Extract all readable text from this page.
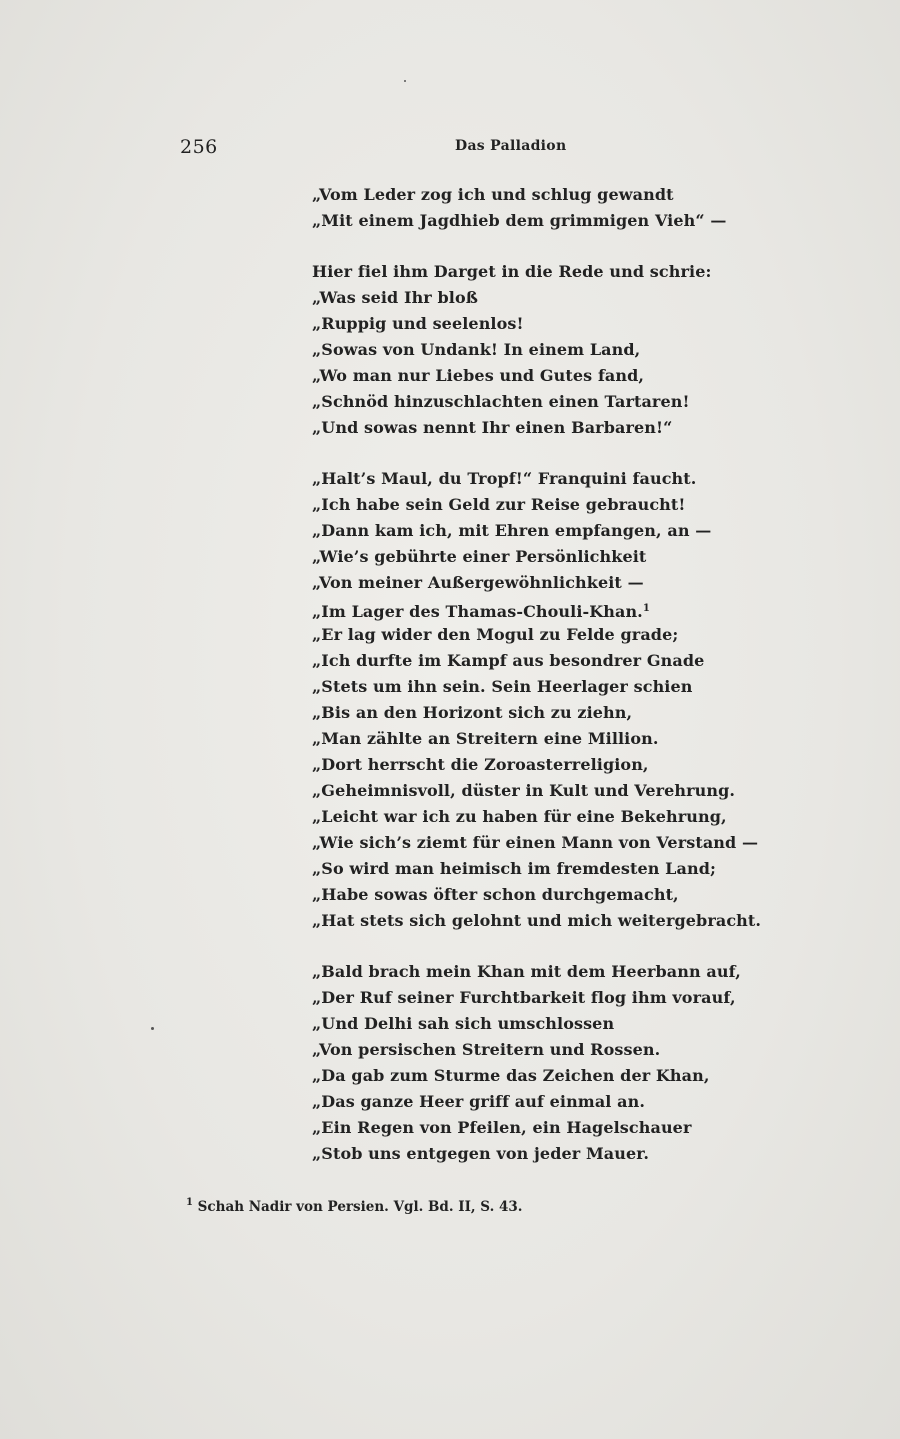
256	Das Palladion
„Vom Leder zog ich und schlug gewandt
„Mit einem Jagdhieb dem grimmigen Vieh“ —
Hier fiel ihm Darget in die Rede und schrie:
„Was seid Ihr bloß
„Ruppig und seelenlos!
„Sowas von Undank! In einem Land,
„Wo man nur Liebes und Gutes fand,
„Schnöd hinzuschlachten einen Tartaren!
„Und sowas nennt Ihr einen Barbaren!“
„Halt’s Maul, du Tropf!“ Franquini faucht.
„Ich habe sein Geld zur Reise gebraucht!
„Dann kam ich, mit Ehren empfangen, an —
„Wie’s gebührte einer Persönlichkeit
„Von meiner Außergewöhnlichkeit —
„Im Lager des Thamas-Chouli-Khan.$^1$
„Er lag wider den Mogul zu Felde grade;
„Ich durfte im Kampf aus besondrer Gnade
„Stets um ihn sein. Sein Heerlager schien
„Bis an den Horizont sich zu ziehn,
„Man zählte an Streitern eine Million.
„Dort herrscht die Zoroasterreligion,
„Geheimnisvoll, düster in Kult und Verehrung.
„Leicht war ich zu haben für eine Bekehrung,
„Wie sich’s ziemt für einen Mann von Verstand —
„So wird man heimisch im fremdesten Land;
„Habe sowas öfter schon durchgemacht,
„Hat stets sich gelohnt und mich weitergebracht.
„Bald brach mein Khan mit dem Heerbann auf,
„Der Ruf seiner Furchtbarkeit flog ihm vorauf,
„Und Delhi sah sich umschlossen
„Von persischen Streitern und Rossen.
„Da gab zum Sturme das Zeichen der Khan,
„Das ganze Heer griff auf einmal an.
„Ein Regen von Pfeilen, ein Hagelschauer
„Stob uns entgegen von jeder Mauer.
$^1$ Schah Nadir von Persien. Vgl. Bd. II, S. 43.
